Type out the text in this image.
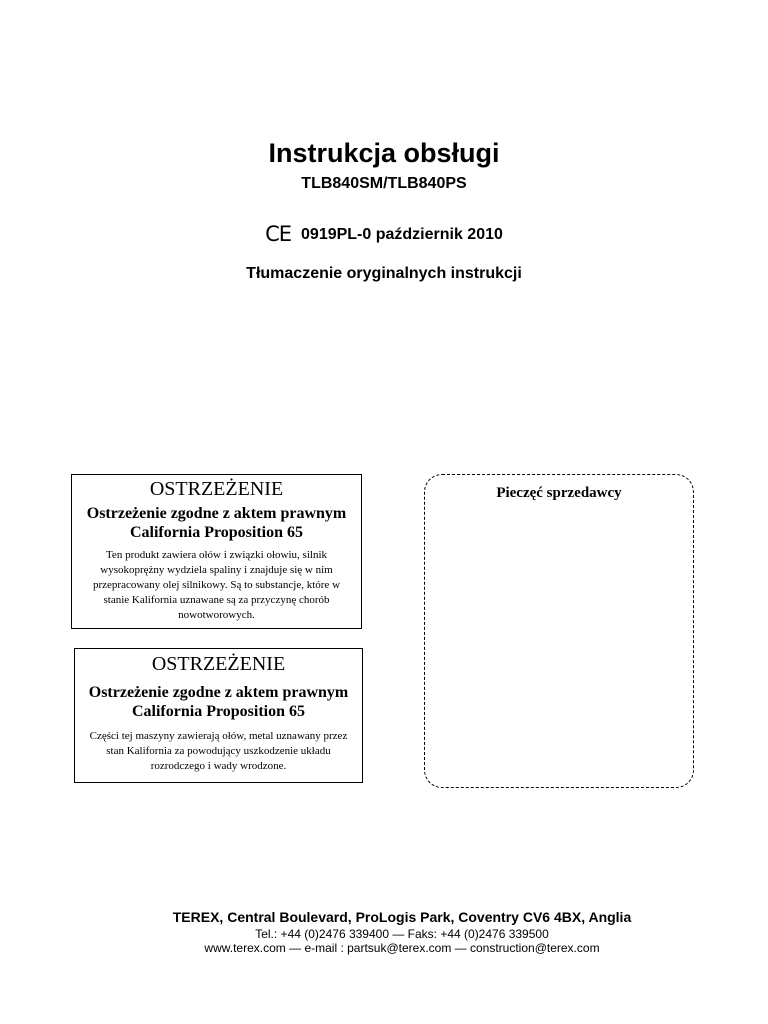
Instrukcja obsługi
TLB840SM/TLB840PS
CE 0919PL-0 październik 2010
Tłumaczenie oryginalnych instrukcji
OSTRZEŻENIE
Ostrzeżenie zgodne z aktem prawnym California Proposition 65
Ten produkt zawiera ołów i związki ołowiu, silnik wysokoprężny wydziela spaliny i znajduje się w nim przepracowany olej silnikowy. Są to substancje, które w stanie Kalifornia uznawane są za przyczynę chorób nowotworowych.
OSTRZEŻENIE
Ostrzeżenie zgodne z aktem prawnym California Proposition 65
Części tej maszyny zawierają ołów, metal uznawany przez stan Kalifornia za powodujący uszkodzenie układu rozrodczego i wady wrodzone.
Pieczęć sprzedawcy
TEREX, Central Boulevard, ProLogis Park, Coventry CV6 4BX, Anglia
Tel.: +44 (0)2476 339400 — Faks: +44 (0)2476 339500
www.terex.com — e-mail : partsuk@terex.com — construction@terex.com
